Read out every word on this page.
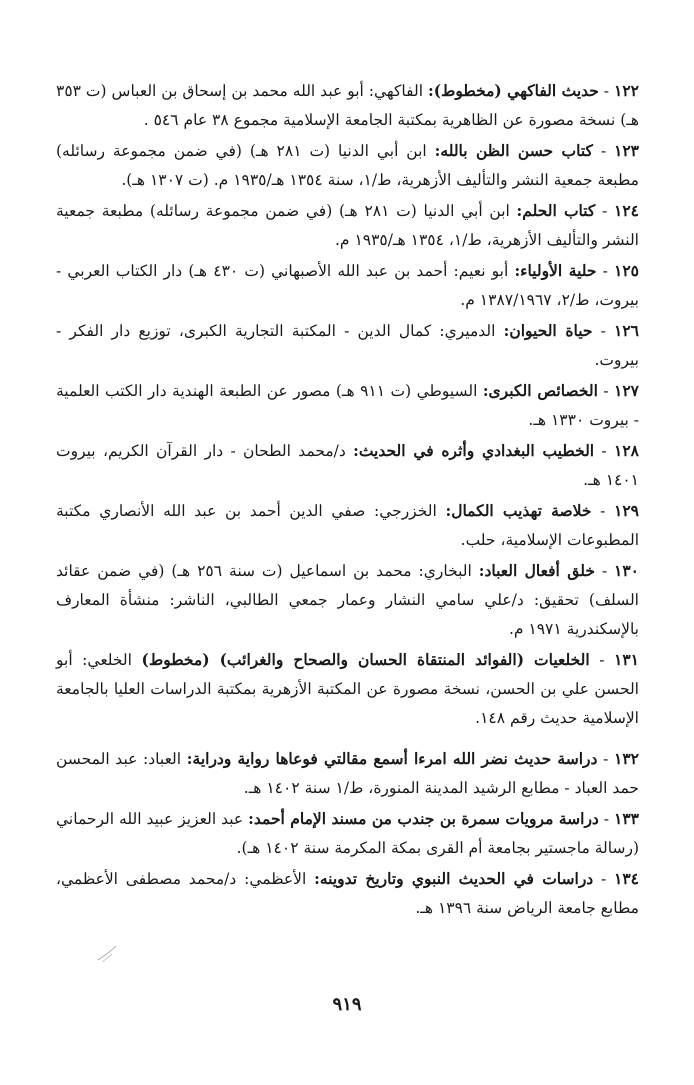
١٢٢ - حديث الفاكهي (مخطوط): الفاكهي: أبو عبد الله محمد بن إسحاق بن العباس (ت ٣٥٣ هـ) نسخة مصورة عن الظاهرية بمكتبة الجامعة الإسلامية مجموع ٣٨ عام ٥٤٦ .
١٢٣ - كتاب حسن الظن بالله: ابن أبي الدنيا (ت ٢٨١ هـ) (في ضمن مجموعة رسائله) مطبعة جمعية النشر والتأليف الأزهرية، ط/١، سنة ١٣٥٤ هـ/١٩٣٥ م. (ت ١٣٠٧ هـ).
١٢٤ - كتاب الحلم: ابن أبي الدنيا (ت ٢٨١ هـ) (في ضمن مجموعة رسائله) مطبعة جمعية النشر والتأليف الأزهرية، ط/١، ١٣٥٤ هـ/١٩٣٥ م.
١٢٥ - حلية الأولياء: أبو نعيم: أحمد بن عبد الله الأصبهاني (ت ٤٣٠ هـ) دار الكتاب العربي - بيروت، ط/٢، ١٣٨٧/١٩٦٧ م.
١٢٦ - حياة الحيوان: الدميري: كمال الدين - المكتبة التجارية الكبرى، توزيع دار الفكر - بيروت.
١٢٧ - الخصائص الكبرى: السيوطي (ت ٩١١ هـ) مصور عن الطبعة الهندية دار الكتب العلمية - بيروت ١٣٣٠ هـ.
١٢٨ - الخطيب البغدادي وأثره في الحديث: د/محمد الطحان - دار القرآن الكريم، بيروت ١٤٠١ هـ.
١٢٩ - خلاصة تهذيب الكمال: الخزرجي: صفي الدين أحمد بن عبد الله الأنصاري مكتبة المطبوعات الإسلامية، حلب.
١٣٠ - خلق أفعال العباد: البخاري: محمد بن اسماعيل (ت سنة ٢٥٦ هـ) (في ضمن عقائد السلف) تحقيق: د/علي سامي النشار وعمار جمعي الطالبي، الناشر: منشأة المعارف بالإسكندرية ١٩٧١ م.
١٣١ - الخلعيات (الفوائد المنتقاة الحسان والصحاح والغرائب) (مخطوط) الخلعي: أبو الحسن علي بن الحسن، نسخة مصورة عن المكتبة الأزهرية بمكتبة الدراسات العليا بالجامعة الإسلامية حديث رقم ١٤٨.
١٣٢ - دراسة حديث نضر الله امرءا أسمع مقالتي فوعاها رواية ودراية: العباد: عبد المحسن حمد العباد - مطابع الرشيد المدينة المنورة، ط/١ سنة ١٤٠٢ هـ.
١٣٣ - دراسة مرويات سمرة بن جندب من مسند الإمام أحمد: عبد العزيز عبيد الله الرحماني (رسالة ماجستير بجامعة أم القرى بمكة المكرمة سنة ١٤٠٢ هـ).
١٣٤ - دراسات في الحديث النبوي وتاريخ تدوينه: الأعظمي: د/محمد مصطفى الأعظمي، مطابع جامعة الرياض سنة ١٣٩٦ هـ.
٩١٩
